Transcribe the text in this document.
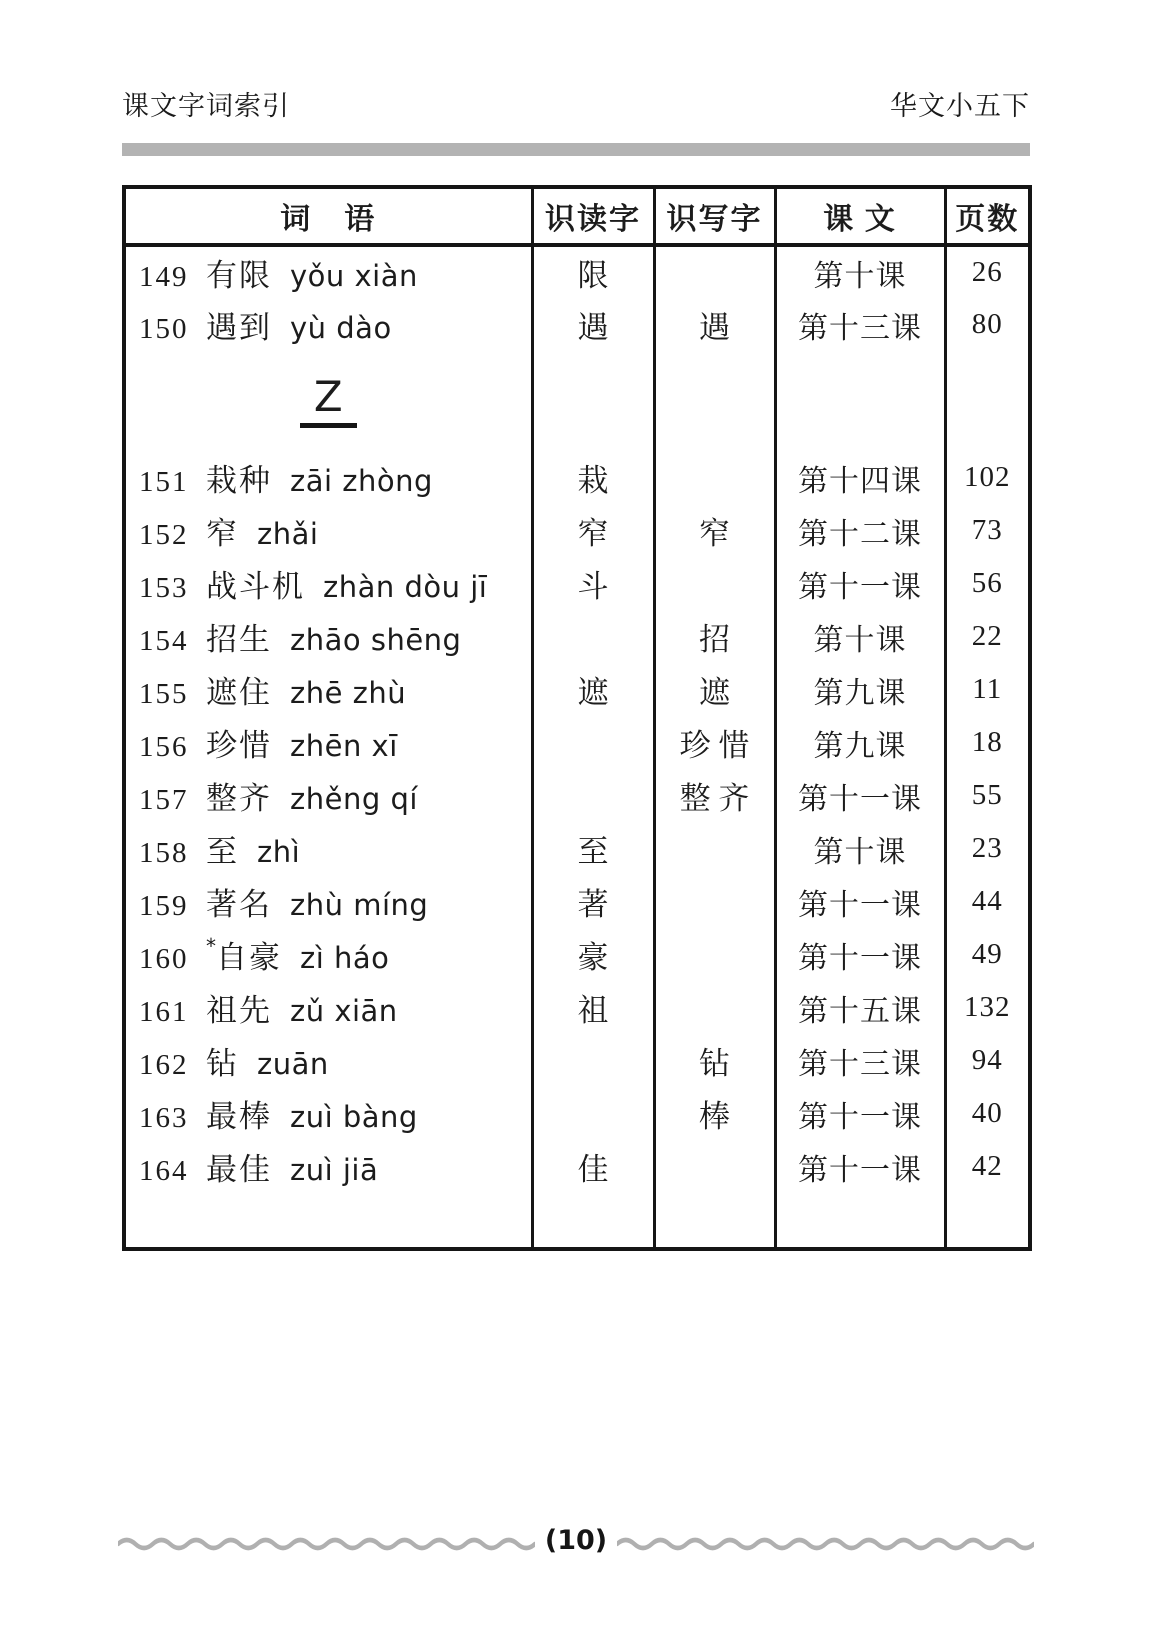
课文字词索引	华文小五下
词　语	识读字	识写字	课 文	页数

149 有限 yǒu xiàn	限		第十课	26

150 遇到 yù dào	遇	遇	第十三课	80
Z				

151 栽种 zāi zhòng	栽		第十四课	102

152 窄 zhǎi	窄	窄	第十二课	73

153 战斗机 zhàn dòu jī	斗		第十一课	56

154 招生 zhāo shēng		招	第十课	22

155 遮住 zhē zhù	遮	遮	第九课	11

156 珍惜 zhēn xī		珍 惜	第九课	18

157 整齐 zhěng qí		整 齐	第十一课	55

158 至 zhì	至		第十课	23

159 著名 zhù míng	著		第十一课	44

160 * 自豪 zì háo	豪		第十一课	49

161 祖先 zǔ xiān	祖		第十五课	132

162 钻 zuān		钻	第十三课	94

163 最棒 zuì bàng		棒	第十一课	40

164 最佳 zuì jiā	佳		第十一课	42

(10)
